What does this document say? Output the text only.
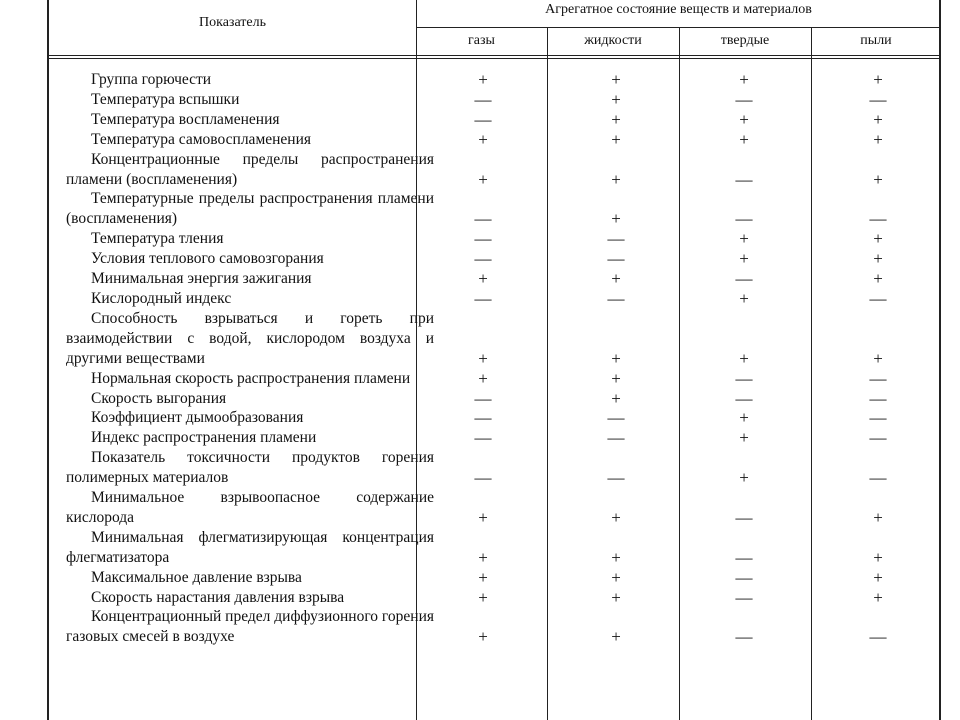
Показатель
Агрегатное состояние веществ и материалов
газы	жидкости	твердые	пыли
Группа горючести	+	+	+	+
Температура вспышки	—	+	—	—
Температура воспламенения	—	+	+	+
Температура самовоспламенения	+	+	+	+
Концентрационные пределы распространения пламени (воспламенения)	+	+	—	+
Температурные пределы распространения пламени (воспламенения)	—	+	—	—
Температура тления	—	—	+	+
Условия теплового самовозгорания	—	—	+	+
Минимальная энергия зажигания	+	+	—	+
Кислородный индекс	—	—	+	—
Способность взрываться и гореть при взаимодействии с водой, кислородом воздуха и другими веществами	+	+	+	+
Нормальная скорость распространения пламени	+	+	—	—
Скорость выгорания	—	+	—	—
Коэффициент дымообразования	—	—	+	—
Индекс распространения пламени	—	—	+	—
Показатель токсичности продуктов горения полимерных материалов	—	—	+	—
Минимальное взрывоопасное содержание кислорода	+	+	—	+
Минимальная флегматизирующая концентрация флегматизатора	+	+	—	+
Максимальное давление взрыва	+	+	—	+
Скорость нарастания давления взрыва	+	+	—	+
Концентрационный предел диффузионного горения газовых смесей в воздухе	+	+	—	—
